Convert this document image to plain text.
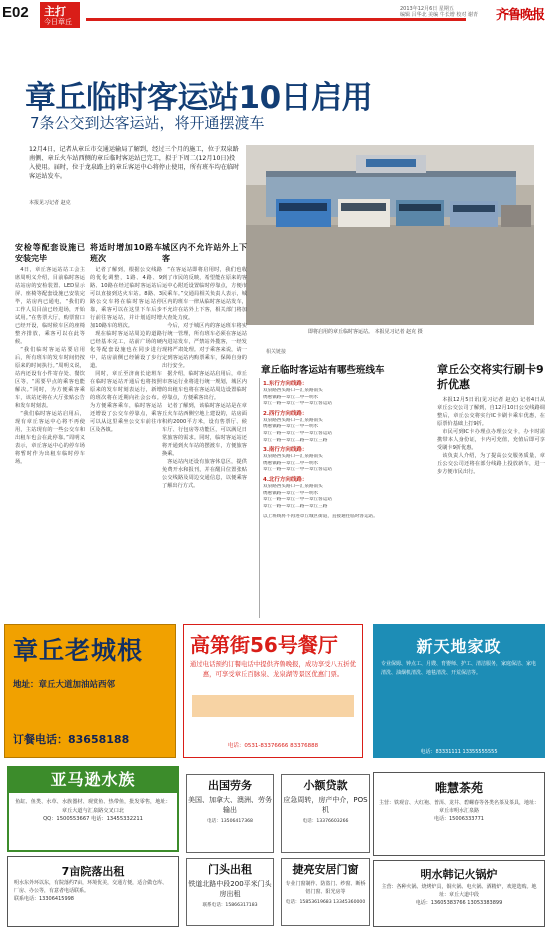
E02 主打
今日章丘
2013年12月6日 星期五
编辑 吕华北 美编 牛长增 校对 谢青	齐鲁晚报
章丘临时客运站10日启用
7条公交到达客运站，将开通摆渡车
12月4日，记者从章丘市交通运输局了解到，经过三个月的施工，位于双泉路南侧、章丘火车站西侧的章丘临时客运站已完工，拟于下周二(12月10日)投入使用。届时，位于龙泉路上的章丘客运中心将停止使用，所有班车均在临时客运站发车。
本报见习记者 赵克
即将启用的章丘临时客运站。 本报见习记者 赵克 摄
安检等配套设施已安装完毕

4日，章丘客运站站工会主席周明义介绍，目前临时客运站站房的安检装置、LED显示屏、座椅等配套设施已安装完毕，站房内已通电，“我们的工作人员目前已经进场，开始试用。”在售票大厅，购票窗口已经开设，临时候车区的座椅整齐排放，乘客可以在此等候。

“我们临时客运站要启用后，所有班车的发车时间仍按原来的时间执行。”周明义说，站内还设有小件寄存处、餐饮区等，“需要早点的乘客也能解决。”同时，为方便乘客乘车，该站还将在大厅张贴公告和发车时刻表。

“我们临时客运站启用后，现有章丘客运中心将不再使用，主站现有的一些公交车和出租车也会在此停靠。”周明义表示，章丘客运中心的停车场将暂时作为出租车临时停车场。

将适时增加10路车班次

记者了解到，根据公交线路的优化调整，1路、4路、9路、10路在经过临时客运站后可以直接到达火车站。8路、3路公交车将在临时客运站停靠，乘客可以在这里下车后步行前往客运站，并计划适时增加10路车的班次。

现在临时客运站周边的道路已经基本完工，站前广场的硬化等配套设施也在同步进行中，站房前侧已经铺设了步行道。

同时，章丘至济南长途班车在临时客运站开通后也将按照原来的发车时刻表运行，新增的班次将在近期向社会公布。为方便乘客乘车，临时客运站还增设了公交车停靠点，乘客可以从这里乘坐公交车前往市区及各镇。

城区内不允许站外上下客

“在客运站即将启用时，我们也收到了市民的反映，希望能在原来的客运中心附近设置临时停靠点，方便市民乘车。”交通局相关负责人表示，城区内的班车一律从临时客运站发车，不允许在站外上下客，相关部门将加大查处力度。

今后，对于城区内的客运班车将实行统一管理，所有班车必须在客运站内进站发车，严禁站外揽客，一经发现将严肃处理。对于乘客来说，请一定到客运站内购票乘车，保障自身的出行安全。

据介绍，临时客运站启用后，章丘市客运行业将进行统一规划，城区内的出租车也将在客运站周边设置临时停靠点，方便乘客出行。

记者了解到，该临时客运站是在章丘火车站西侧空地上建设的，站房面积约2000平方米，设有售票厅、候车厅、行包房等功能区，可以满足日常旅客的需求。同时，临时客运站还将开通到火车站的摆渡车，方便旅客换乘。

客运站内还设有旅客休息区，提供免费开水和报刊，并在醒目位置张贴公交线路及周边交通信息，以便乘客了解出行方式。

相关链接
章丘临时客运站有哪些班线车
1.东行方向线路：
双泉路西头路口—汇泉路南头
绣惠镇路—章丘二中—明水
章丘一路—章丘一中—章丘客运站
2.西行方向线路：
双泉路西头路口—汇泉路南头
绣惠镇路—章丘一中—明水
章丘一路—章丘一中—章丘客运站
章丘一路—章丘二路—章丘三路
3.南行方向线路：
双泉路西头路口—汇泉路南头
绣惠镇路—章丘二中—明水
章丘一路—章丘一中—章丘客运站
4.北行方向线路：
双泉路西头路口—汇泉路南头
绣惠镇路—章丘一中—明水
章丘一路—章丘一中—章丘客运站
章丘一路—章丘二路—章丘三路
以上班线将不再进章丘城区街道，直接通往临时客运站。
章丘公交将实行刷卡9折优惠

本报12月5日讯(见习记者 赵克) 记者4日从章丘公交公司了解到，自12月10日公交线路调整后，章丘公交将实行IC卡刷卡乘车优惠，在原票价基础上打9折。

市民可到IC卡办理点办理公交卡，办卡时需携带本人身份证，卡内可充值，充值后即可享受刷卡9折优惠。

该负责人介绍，为了提高公交服务质量，章丘公交公司还将在部分线路上投放新车，进一步方便市民出行。

章丘老城根
地址：章丘大道加油站西邻
订餐电话：83658188
高第街56号餐厅
通过电话预约订餐电话中提供齐鲁晚报，成功享受八五折优惠，可享受章丘百脉泉、龙泉湖等景区优惠门票。
电话：0531-83376666 83376888
新天地家政
专业保姆、钟点工、月嫂、育婴师、护工、清洁服务，家庭保洁、家电清洗、油烟机清洗、地毯清洗、开荒保洁等。
电话：83331111 13355555555
亚马逊水族
鱼缸、鱼类、水草、水族器材、观赏鱼、热带鱼，批发零售，地址：章丘大道与汇泉路交叉口北
QQ：1500553667 电话：13455332211
7亩院落出租
明水东外环以东，有院落约7亩，环境优美，交通方便，适合做仓库、厂房、办公等，有意者电话联系。
联系电话：13306415998
出国劳务
美国、加拿大、澳洲、劳务输出
电话：13506417368
小额贷款
应急周转，房产中介，POS机
电话：13376603266
门头出租
铁道北路中段200平米门头房出租
联系电话：15866317183
捷亮安居门窗
专业门窗制作、防盗门、纱窗、断桥铝门窗、阳光房等
电话：15853619683 13345360000
唯慧茶苑
主营：铁观音、大红袍、普洱、龙井、碧螺春等各类名茶及茶具，地址：章丘市明水汇泉路
电话：15006333771
明水韩记火锅炉
主营：各种火锅、烧烤炉具，铜火锅、电火锅、酒精炉，欢迎选购。地址：章丘大道中段
电话：13605383766 13053383899
